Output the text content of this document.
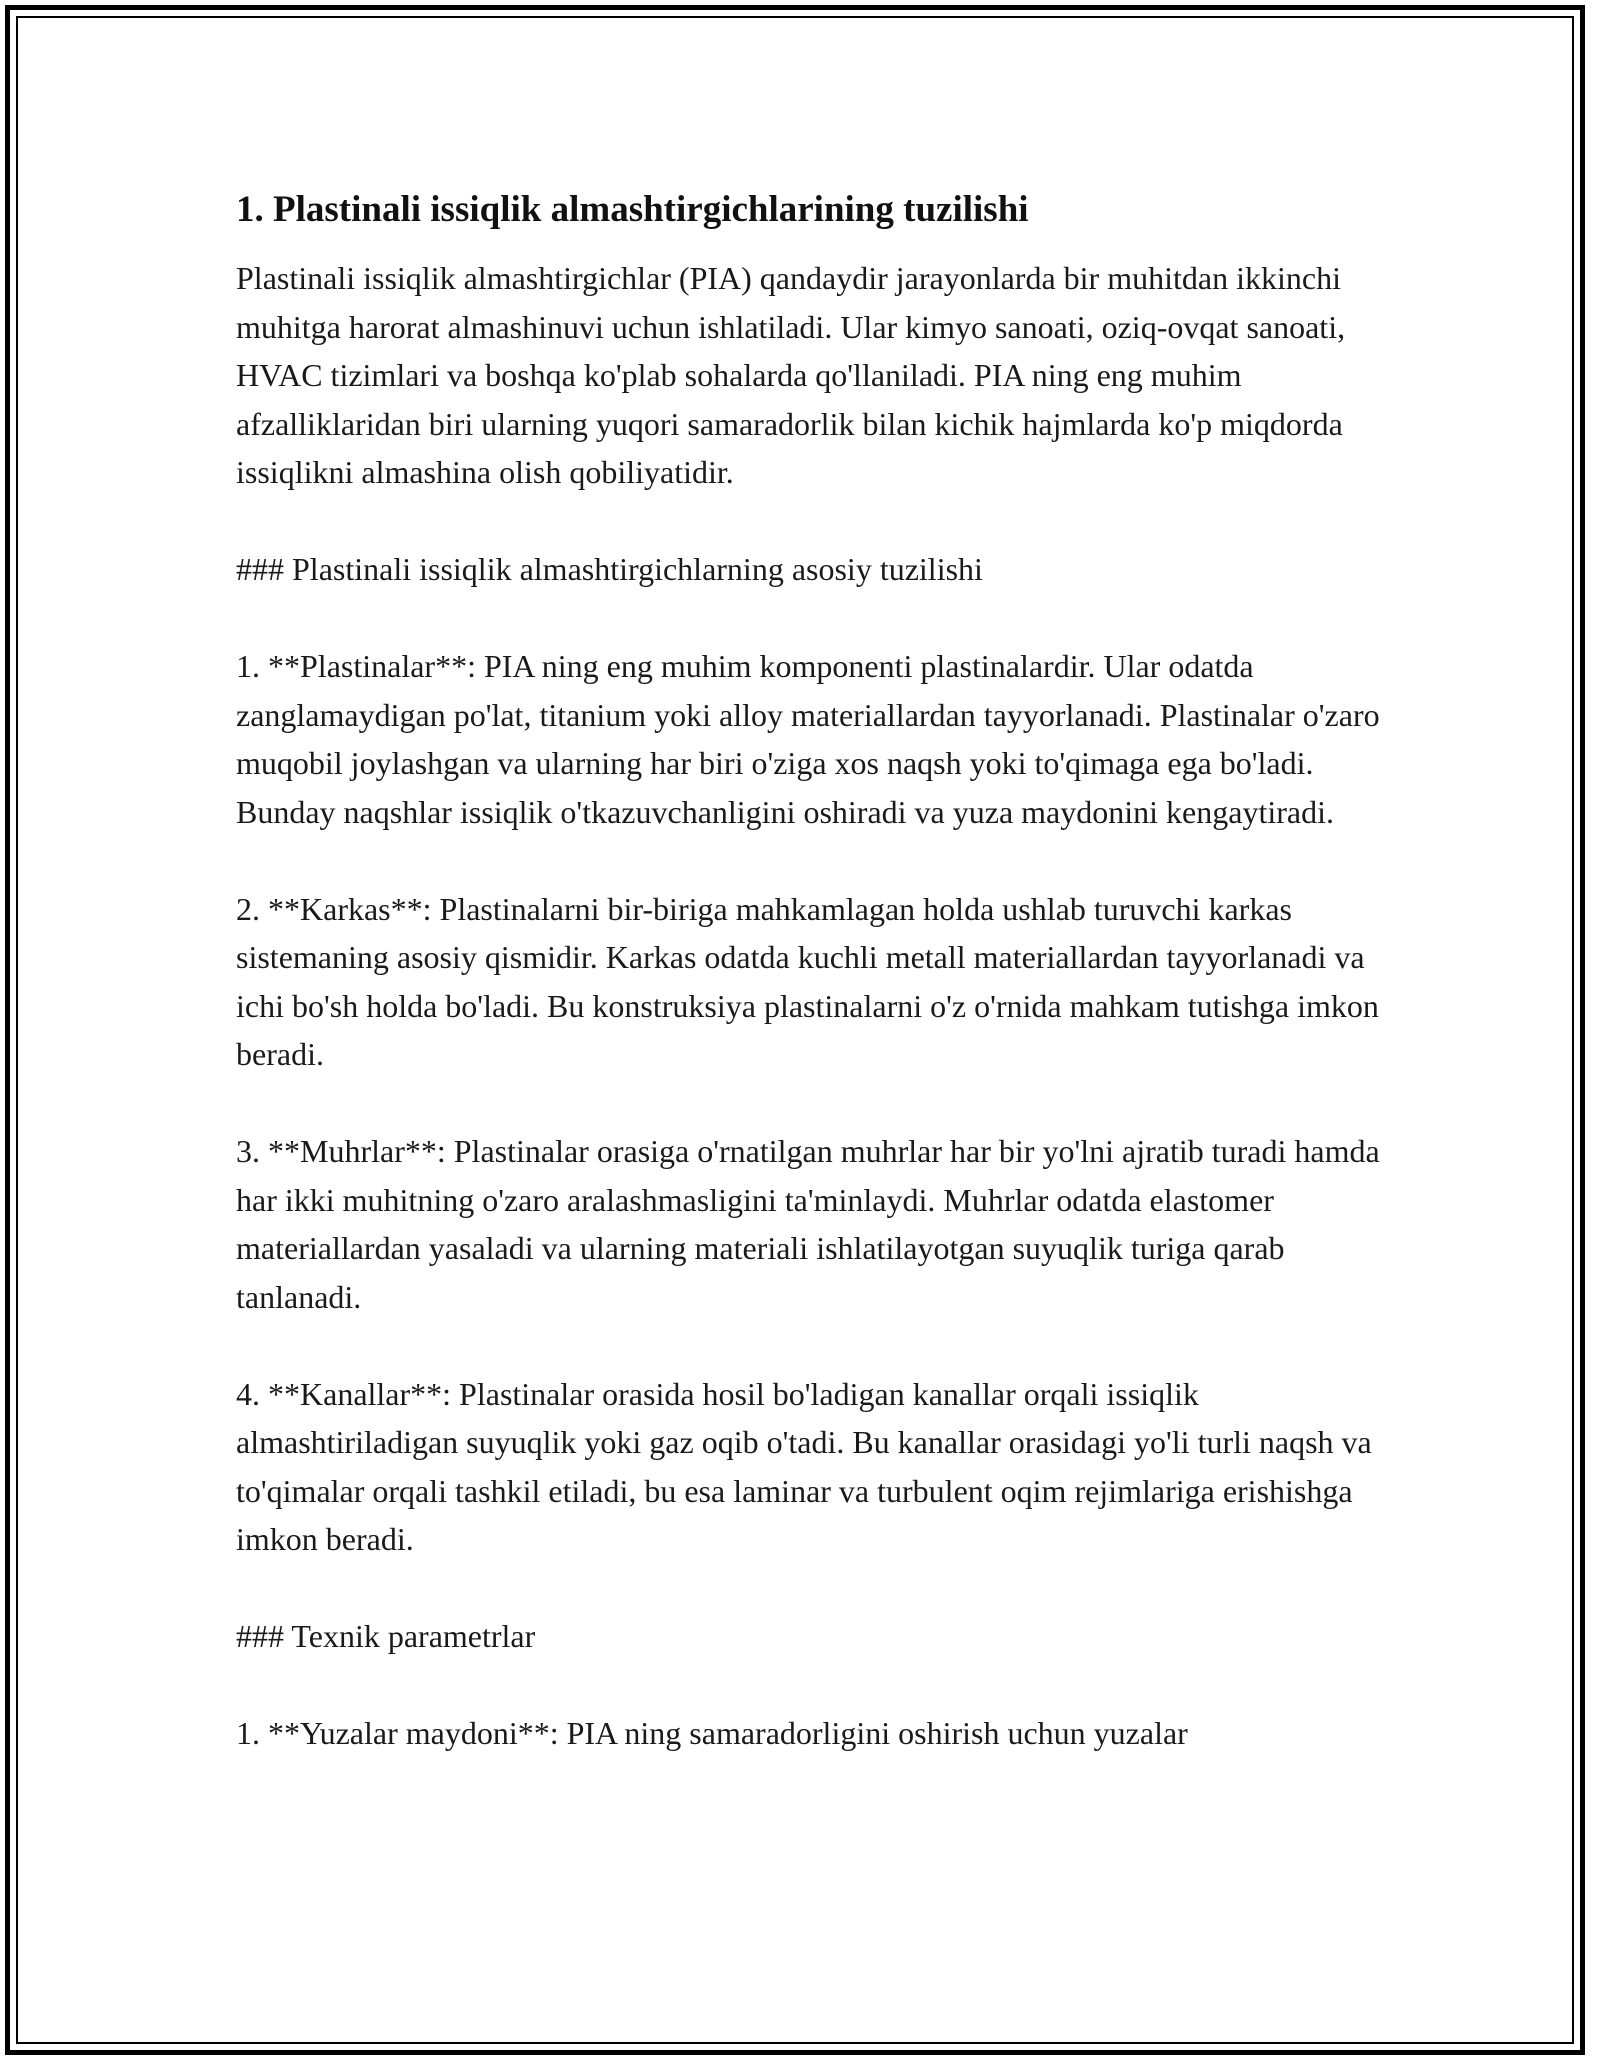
1. Plastinali issiqlik almashtirgichlarining tuzilishi

Plastinali issiqlik almashtirgichlar (PIA) qandaydir jarayonlarda bir muhitdan ikkinchi muhitga harorat almashinuvi uchun ishlatiladi. Ular kimyo sanoati, oziq-ovqat sanoati, HVAC tizimlari va boshqa ko'plab sohalarda qo'llaniladi. PIA ning eng muhim afzalliklaridan biri ularning yuqori samaradorlik bilan kichik hajmlarda ko'p miqdorda issiqlikni almashina olish qobiliyatidir.

### Plastinali issiqlik almashtirgichlarning asosiy tuzilishi

1. **Plastinalar**: PIA ning eng muhim komponenti plastinalardir. Ular odatda zanglamaydigan po'lat, titanium yoki alloy materiallardan tayyorlanadi. Plastinalar o'zaro muqobil joylashgan va ularning har biri o'ziga xos naqsh yoki to'qimaga ega bo'ladi. Bunday naqshlar issiqlik o'tkazuvchanligini oshiradi va yuza maydonini kengaytiradi.

2. **Karkas**: Plastinalarni bir-biriga mahkamlagan holda ushlab turuvchi karkas sistemaning asosiy qismidir. Karkas odatda kuchli metall materiallardan tayyorlanadi va ichi bo'sh holda bo'ladi. Bu konstruksiya plastinalarni o'z o'rnida mahkam tutishga imkon beradi.

3. **Muhrlar**: Plastinalar orasiga o'rnatilgan muhrlar har bir yo'lni ajratib turadi hamda har ikki muhitning o'zaro aralashmasligini ta'minlaydi. Muhrlar odatda elastomer materiallardan yasaladi va ularning materiali ishlatilayotgan suyuqlik turiga qarab tanlanadi.

4. **Kanallar**: Plastinalar orasida hosil bo'ladigan kanallar orqali issiqlik almashtiriladigan suyuqlik yoki gaz oqib o'tadi. Bu kanallar orasidagi yo'li turli naqsh va to'qimalar orqali tashkil etiladi, bu esa laminar va turbulent oqim rejimlariga erishishga imkon beradi.

### Texnik parametrlar

1. **Yuzalar maydoni**: PIA ning samaradorligini oshirish uchun yuzalar
